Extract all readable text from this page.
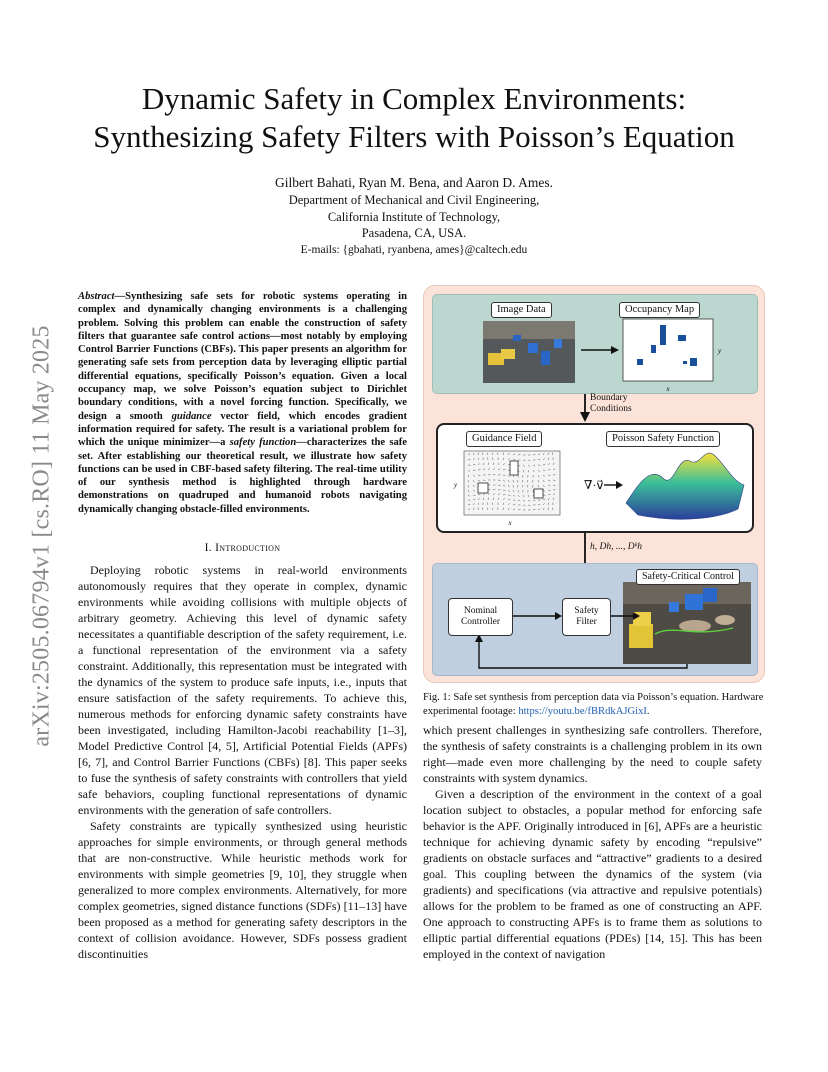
Dynamic Safety in Complex Environments:
Synthesizing Safety Filters with Poisson’s Equation
Gilbert Bahati, Ryan M. Bena, and Aaron D. Ames.
Department of Mechanical and Civil Engineering,
California Institute of Technology,
Pasadena, CA, USA.
E-mails: {gbahati, ryanbena, ames}@caltech.edu
arXiv:2505.06794v1 [cs.RO] 11 May 2025
Abstract—Synthesizing safe sets for robotic systems operating in complex and dynamically changing environments is a challenging problem. Solving this problem can enable the construction of safety filters that guarantee safe control actions—most notably by employing Control Barrier Functions (CBFs). This paper presents an algorithm for generating safe sets from perception data by leveraging elliptic partial differential equations, specifically Poisson’s equation. Given a local occupancy map, we solve Poisson’s equation subject to Dirichlet boundary conditions, with a novel forcing function. Specifically, we design a smooth guidance vector field, which encodes gradient information required for safety. The result is a variational problem for which the unique minimizer—a safety function—characterizes the safe set. After establishing our theoretical result, we illustrate how safety functions can be used in CBF-based safety filtering. The real-time utility of our synthesis method is highlighted through hardware demonstrations on quadruped and humanoid robots navigating dynamically changing obstacle-filled environments.
I. Introduction

Deploying robotic systems in real-world environments autonomously requires that they operate in complex, dynamic environments while avoiding collisions with multiple objects of arbitrary geometry. Achieving this level of dynamic safety necessitates a quantifiable description of the safety requirement, i.e. a functional representation of the environment via a safety constraint. Additionally, this representation must be integrated with the dynamics of the system to produce safe inputs, i.e., inputs that ensure satisfaction of the safety requirements. To achieve this, numerous methods for enforcing dynamic safety constraints have been investigated, including Hamilton-Jacobi reachability [1–3], Model Predictive Control [4, 5], Artificial Potential Fields (APFs) [6, 7], and Control Barrier Functions (CBFs) [8]. This paper seeks to fuse the synthesis of safety constraints with controllers that yield safe behaviors, coupling functional representations of dynamic environments with the generation of safe controllers.

Safety constraints are typically synthesized using heuristic approaches for simple environments, or through general methods that are non-constructive. While heuristic methods work for environments with simple geometries [9, 10], they struggle when generalized to more complex environments. Alternatively, for more complex geometries, signed distance functions (SDFs) [11–13] have been proposed as a method for generating safety descriptors in the context of collision avoidance. However, SDFs possess gradient discontinuities

Image Data	Occupancy Map
x
y
Boundary
Conditions
Guidance Field	Poisson Safety Function
y
x
∇·v⃗
h, Dh, ..., Dᵏh
Safety-Critical Control
Nominal
Controller
Safety
Filter
Fig. 1: Safe set synthesis from perception data via Poisson’s equation. Hardware experimental footage: https://youtu.be/fBRdkAJGixI.

which present challenges in synthesizing safe controllers. Therefore, the synthesis of safety constraints is a challenging problem in its own right—made even more challenging by the need to couple safety constraints with system dynamics.

Given a description of the environment in the context of a goal location subject to obstacles, a popular method for enforcing safe behavior is the APF. Originally introduced in [6], APFs are a heuristic technique for achieving dynamic safety by encoding “repulsive” gradients on obstacle surfaces and “attractive” gradients to a desired goal. This coupling between the dynamics of the system (via gradients) and specifications (via attractive and repulsive potentials) allows for the problem to be framed as one of constructing an APF. One approach to constructing APFs is to frame them as solutions to elliptic partial differential equations (PDEs) [14, 15]. This has been employed in the context of navigation
